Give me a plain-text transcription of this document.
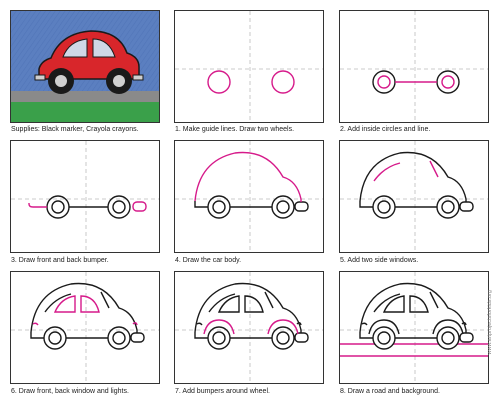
Supplies: Black marker, Crayola crayons.	1. Make guide lines. Draw two wheels.	2. Add inside circles and line.
3. Draw front and back bumper.	4. Draw the car body.	5. Add two side windows.
6. Draw front, back window and lights.	7. Add bumpers around wheel.	8. Draw a road and background.
www.artprojectsforkids.org
